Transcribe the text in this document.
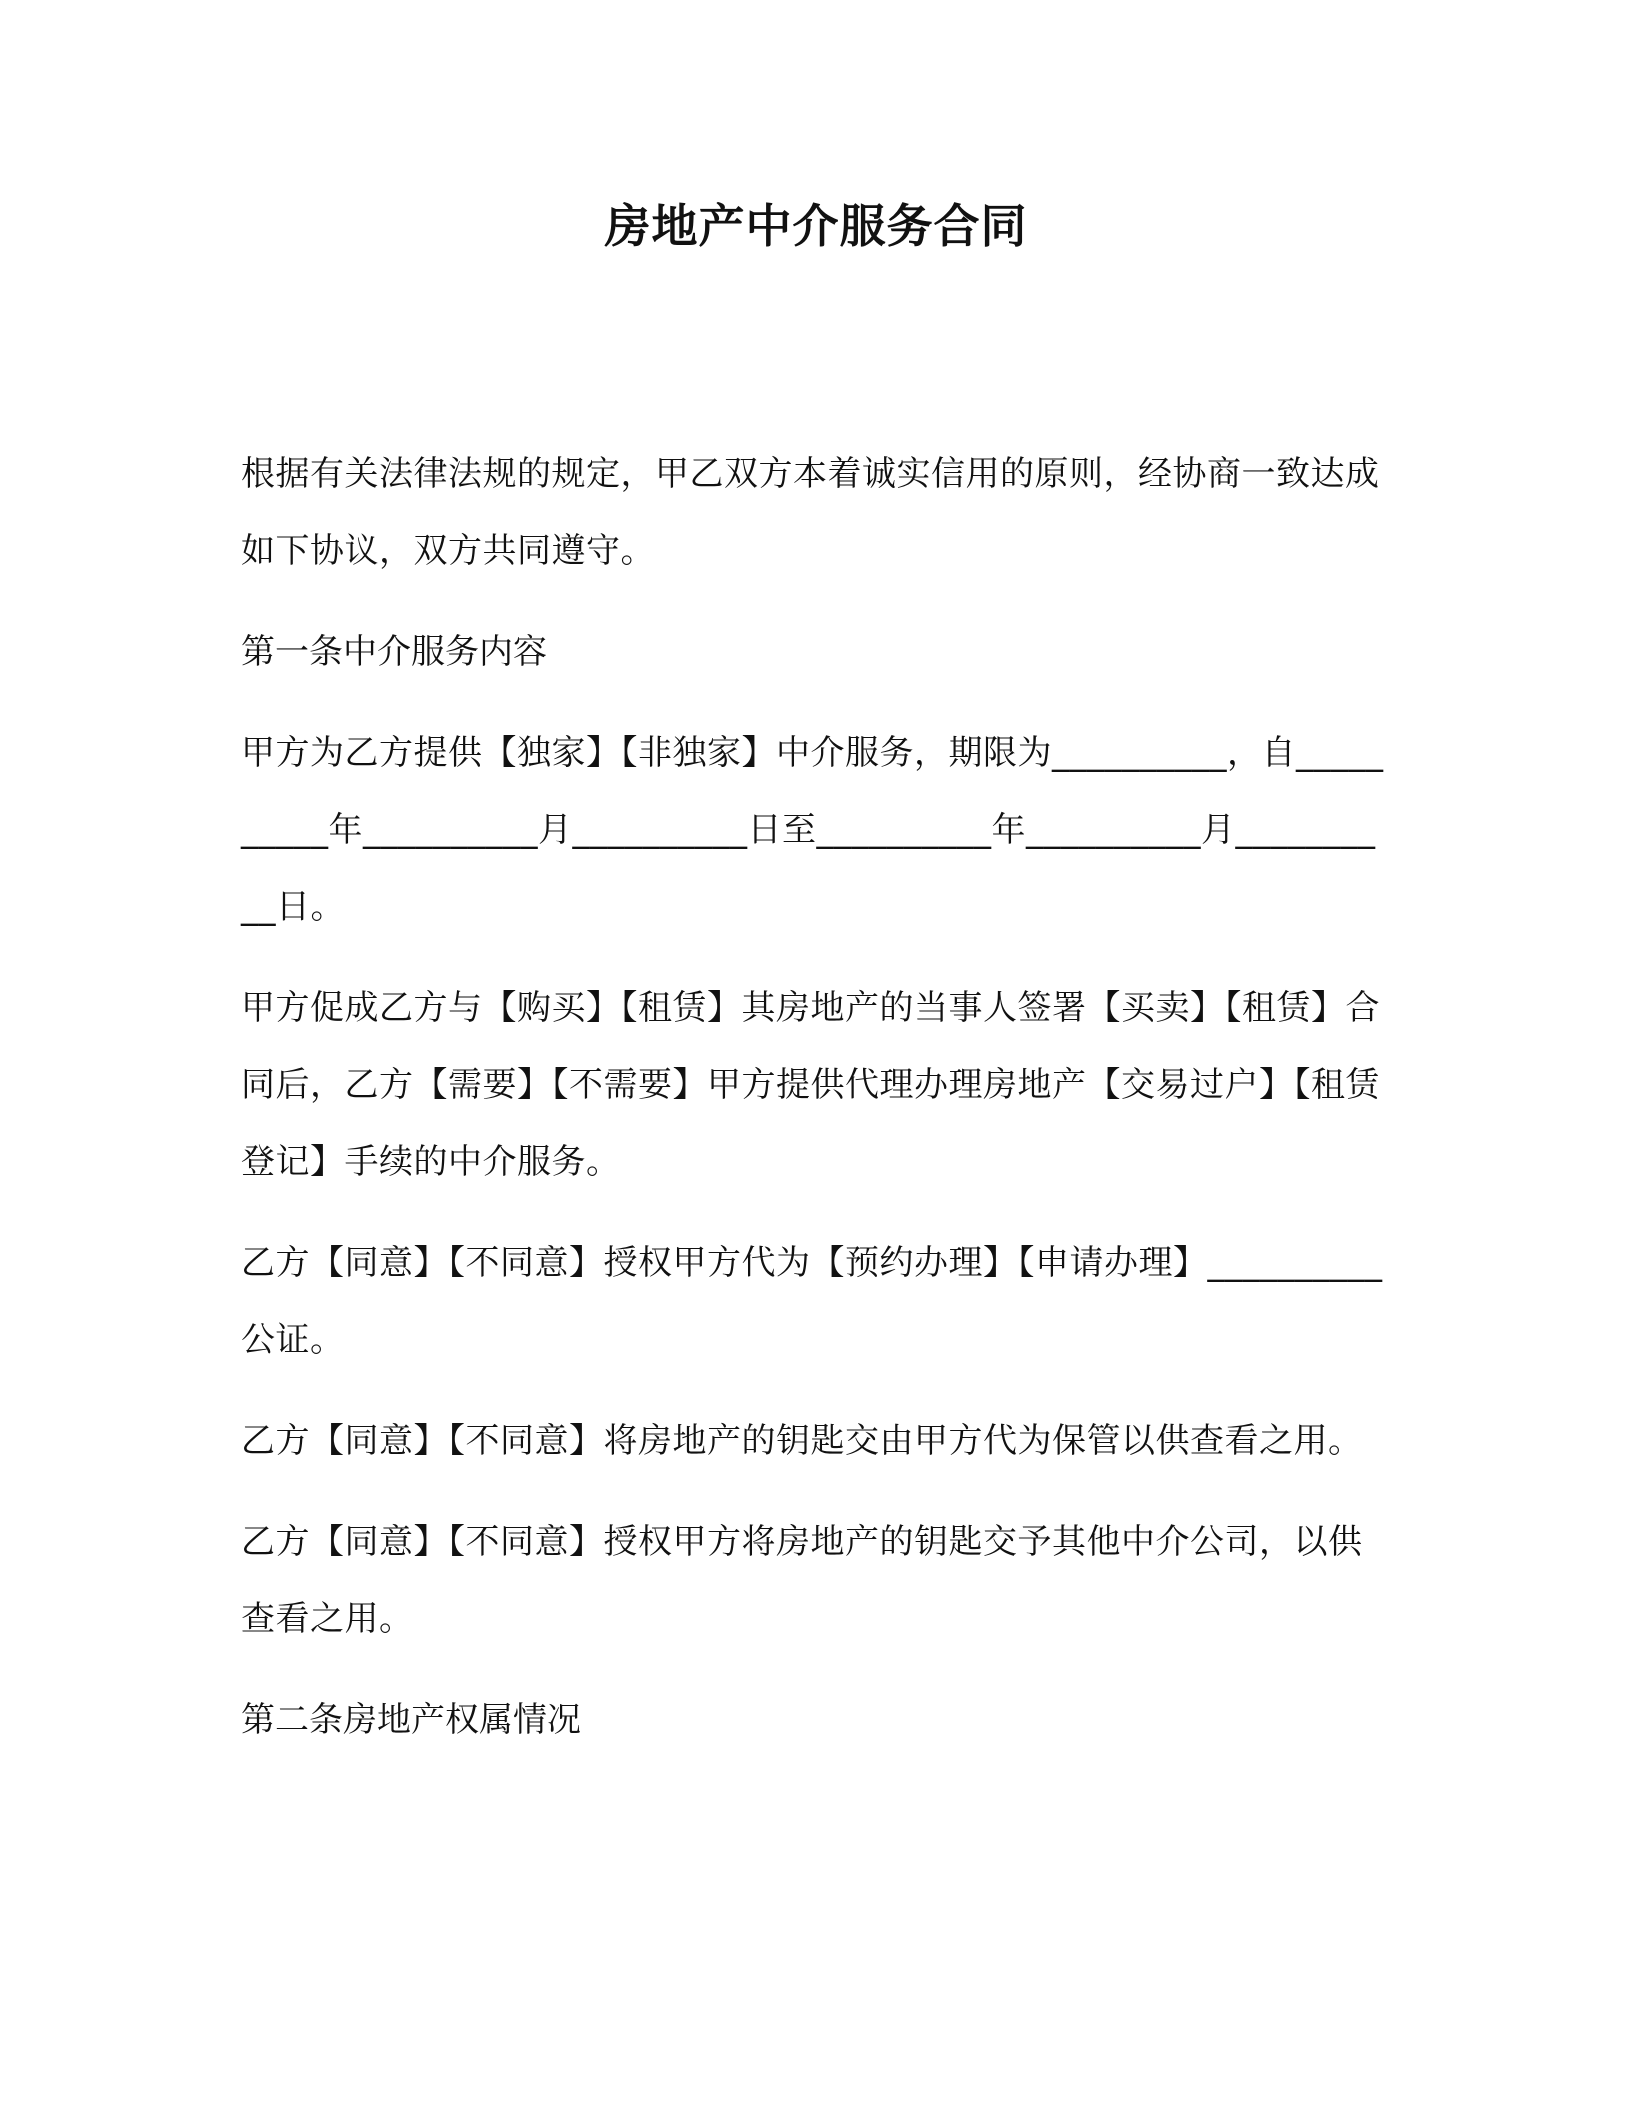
房地产中介服务合同

根据有关法律法规的规定，甲乙双方本着诚实信用的原则，经协商一致达成如下协议，双方共同遵守。

第一条中介服务内容

甲方为乙方提供【独家】【非独家】中介服务，期限为__________，自__________年__________月__________日至__________年__________月__________日。

甲方促成乙方与【购买】【租赁】其房地产的当事人签署【买卖】【租赁】合同后，乙方【需要】【不需要】甲方提供代理办理房地产【交易过户】【租赁登记】手续的中介服务。

乙方【同意】【不同意】授权甲方代为【预约办理】【申请办理】__________公证。

乙方【同意】【不同意】将房地产的钥匙交由甲方代为保管以供查看之用。

乙方【同意】【不同意】授权甲方将房地产的钥匙交予其他中介公司，以供查看之用。

第二条房地产权属情况
